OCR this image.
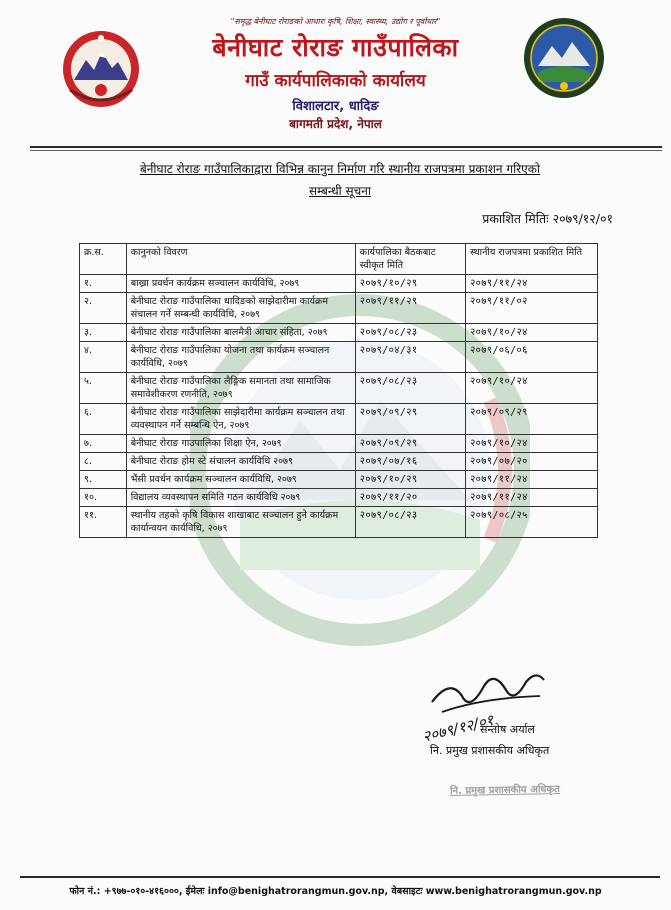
"समृद्ध बेनीघाट रोराङको आधारः कृषि, शिक्षा, स्वास्थ्य, उद्योग र पूर्वाधार"
बेनीघाट रोराङ गाउँपालिका
गाउँ कार्यपालिकाको कार्यालय
विशालटार, धादिङ
बागमती प्रदेश, नेपाल
बेनीघाट रोराङ गाउँपालिकाद्वारा विभिन्न कानुन निर्माण गरि स्थानीय राजपत्रमा प्रकाशन गरिएको
सम्बन्धी सूचना
प्रकाशित मितिः २०७९/१२/०१
क्र.स.	कानुनको विवरण	कार्यपालिका बैठकबाट स्वीकृत मिति	स्थानीय राजपत्रमा प्रकाशित मिति
१.	बाख्रा प्रवर्धन कार्यक्रम सञ्चालन कार्यविधि, २०७९	२०७९/१०/२९	२०७९/११/२४
२.	बेनीघाट रोराङ गाउँपालिका धादिङको साझेदारीमा कार्यक्रम संचालन गर्ने सम्बन्धी कार्यविधि, २०७९	२०७९/११/२९	२०७९/११/०२
३.	बेनीघाट रोराङ गाउँपालिका बालमैत्री आचार संहिता, २०७९	२०७९/०८/२३	२०७९/१०/२४
४.	बेनीघाट रोराङ गाउँपालिका योजना तथा कार्यक्रम सञ्चालन कार्यविधि, २०७९	२०७९/०४/३१	२०७९/०६/०६
५.	बेनीघाट रोराङ गाउँपालिका लैङ्गिक समानता तथा सामाजिक समावेशीकरण रणनीति, २०७९	२०७९/०८/२३	२०७९/१०/२४
६.	बेनीघाट रोराङ गाउँपालिका साझेदारीमा कार्यक्रम सञ्चालन तथा व्यवस्थापन गर्ने सम्बन्धि ऐन, २०७९	२०७९/०९/२९	२०७९/०९/२९
७.	बेनीघाट रोराङ गाउपालिका शिक्षा ऐन, २०७९	२०७९/०९/२९	२०७९/१०/२४
८.	बेनीघाट रोराङ होम स्टे संचालन कार्यविधि २०७९	२०७९/०७/१६	२०७९/०७/२०
९.	भैंसी प्रवर्धन कार्यक्रम सञ्चालन कार्यविधि, २०७९	२०७९/१०/२९	२०७९/११/२४
१०.	विद्यालय व्यवस्थापन समिति गठन कार्यविधि २०७९	२०७९/११/२०	२०७९/११/२४
११.	स्थानीय तहको कृषि विकास शाखाबाट सञ्चालन हुने कार्यक्रम कार्यान्वयन कार्यविधि, २०७९	२०७९/०८/२३	२०७९/०८/२५
२०७९/१२/०१
सन्तोष अर्याल
नि. प्रमुख प्रशासकीय अधिकृत
नि. प्रमुख प्रशासकीय अधिकृत
फोन नं.: +९७७-०१०-४१६०००, ईमेलः info@benighatrorangmun.gov.np, वेबसाइटः www.benighatrorangmun.gov.np
